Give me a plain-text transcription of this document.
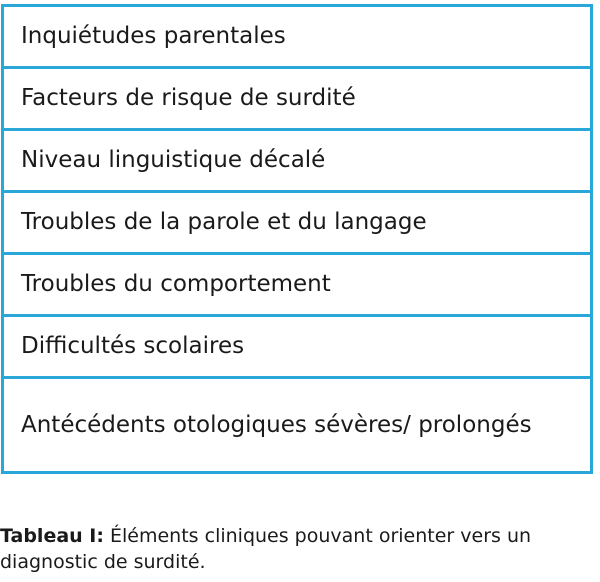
Inquiétudes parentales
Facteurs de risque de surdité
Niveau linguistique décalé
Troubles de la parole et du langage
Troubles du comportement
Difficultés scolaires
Antécédents otologiques sévères/ prolongés
Tableau I: Éléments cliniques pouvant orienter vers un diagnostic de surdité.
